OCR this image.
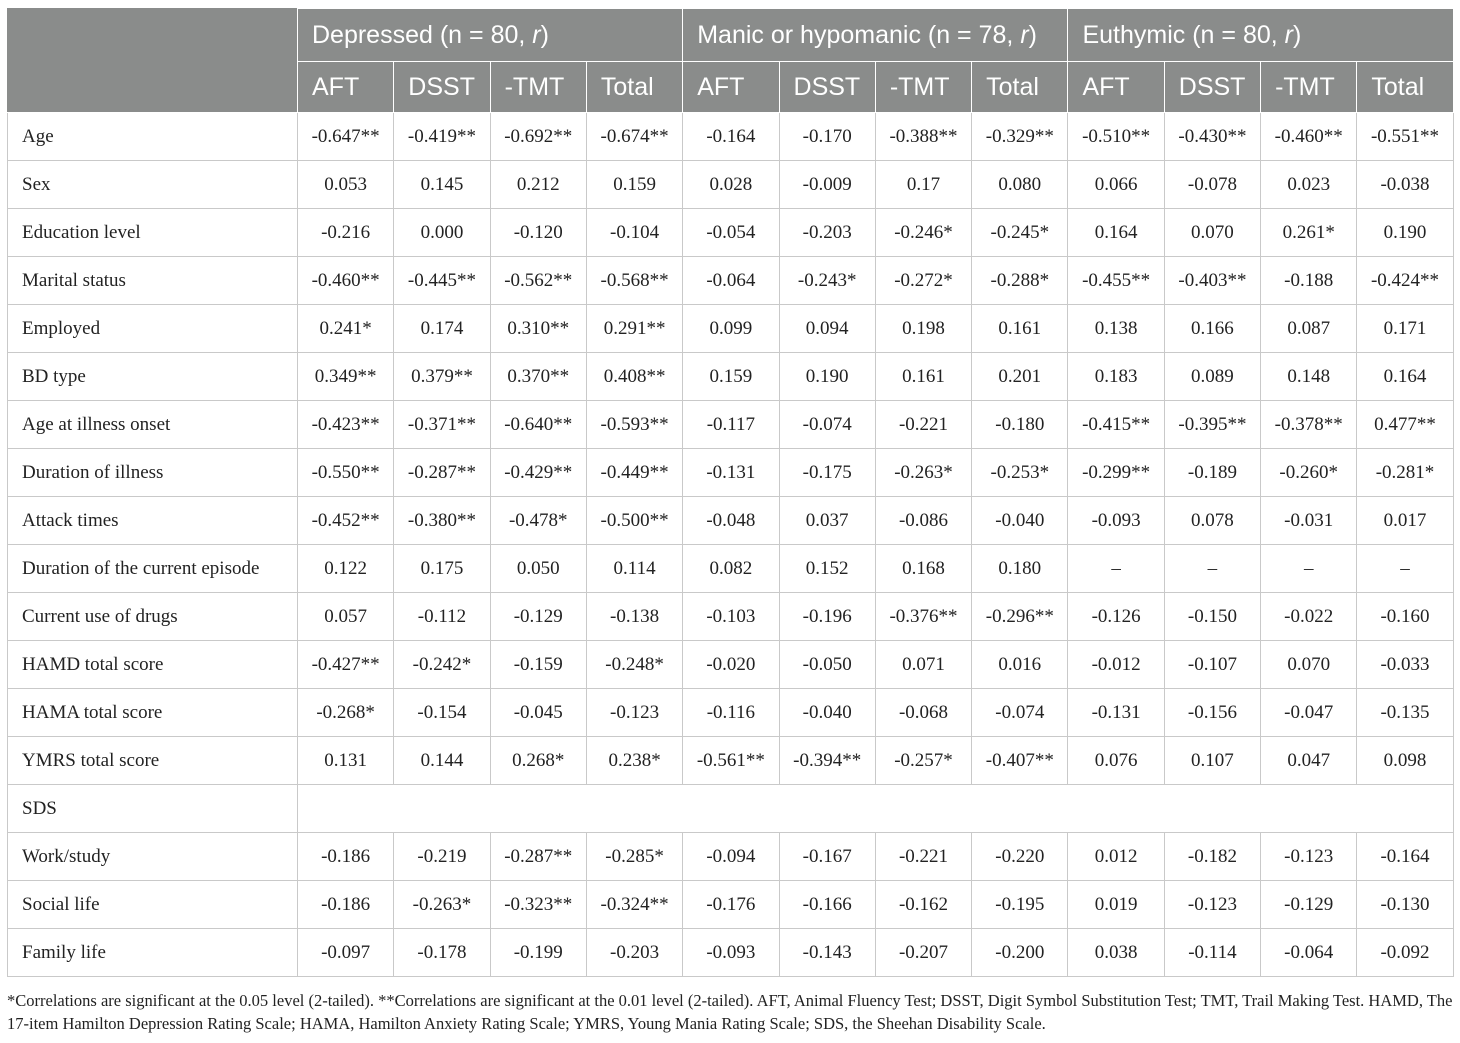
	Depressed (n = 80, r)				Manic or hypomanic (n = 78, r)				Euthymic (n = 80, r)			
	AFT	DSST	-TMT	Total	AFT	DSST	-TMT	Total	AFT	DSST	-TMT	Total
Age	-0.647**	-0.419**	-0.692**	-0.674**	-0.164	-0.170	-0.388**	-0.329**	-0.510**	-0.430**	-0.460**	-0.551**
Sex	0.053	0.145	0.212	0.159	0.028	-0.009	0.17	0.080	0.066	-0.078	0.023	-0.038
Education level	-0.216	0.000	-0.120	-0.104	-0.054	-0.203	-0.246*	-0.245*	0.164	0.070	0.261*	0.190
Marital status	-0.460**	-0.445**	-0.562**	-0.568**	-0.064	-0.243*	-0.272*	-0.288*	-0.455**	-0.403**	-0.188	-0.424**
Employed	0.241*	0.174	0.310**	0.291**	0.099	0.094	0.198	0.161	0.138	0.166	0.087	0.171
BD type	0.349**	0.379**	0.370**	0.408**	0.159	0.190	0.161	0.201	0.183	0.089	0.148	0.164
Age at illness onset	-0.423**	-0.371**	-0.640**	-0.593**	-0.117	-0.074	-0.221	-0.180	-0.415**	-0.395**	-0.378**	0.477**
Duration of illness	-0.550**	-0.287**	-0.429**	-0.449**	-0.131	-0.175	-0.263*	-0.253*	-0.299**	-0.189	-0.260*	-0.281*
Attack times	-0.452**	-0.380**	-0.478*	-0.500**	-0.048	0.037	-0.086	-0.040	-0.093	0.078	-0.031	0.017
Duration of the current episode	0.122	0.175	0.050	0.114	0.082	0.152	0.168	0.180	–	–	–	–
Current use of drugs	0.057	-0.112	-0.129	-0.138	-0.103	-0.196	-0.376**	-0.296**	-0.126	-0.150	-0.022	-0.160
HAMD total score	-0.427**	-0.242*	-0.159	-0.248*	-0.020	-0.050	0.071	0.016	-0.012	-0.107	0.070	-0.033
HAMA total score	-0.268*	-0.154	-0.045	-0.123	-0.116	-0.040	-0.068	-0.074	-0.131	-0.156	-0.047	-0.135
YMRS total score	0.131	0.144	0.268*	0.238*	-0.561**	-0.394**	-0.257*	-0.407**	0.076	0.107	0.047	0.098
SDS												
Work/study	-0.186	-0.219	-0.287**	-0.285*	-0.094	-0.167	-0.221	-0.220	0.012	-0.182	-0.123	-0.164
Social life	-0.186	-0.263*	-0.323**	-0.324**	-0.176	-0.166	-0.162	-0.195	0.019	-0.123	-0.129	-0.130
Family life	-0.097	-0.178	-0.199	-0.203	-0.093	-0.143	-0.207	-0.200	0.038	-0.114	-0.064	-0.092
*Correlations are significant at the 0.05 level (2-tailed). **Correlations are significant at the 0.01 level (2-tailed). AFT, Animal Fluency Test; DSST, Digit Symbol Substitution Test; TMT, Trail Making Test. HAMD, The 17-item Hamilton Depression Rating Scale; HAMA, Hamilton Anxiety Rating Scale; YMRS, Young Mania Rating Scale; SDS, the Sheehan Disability Scale.
